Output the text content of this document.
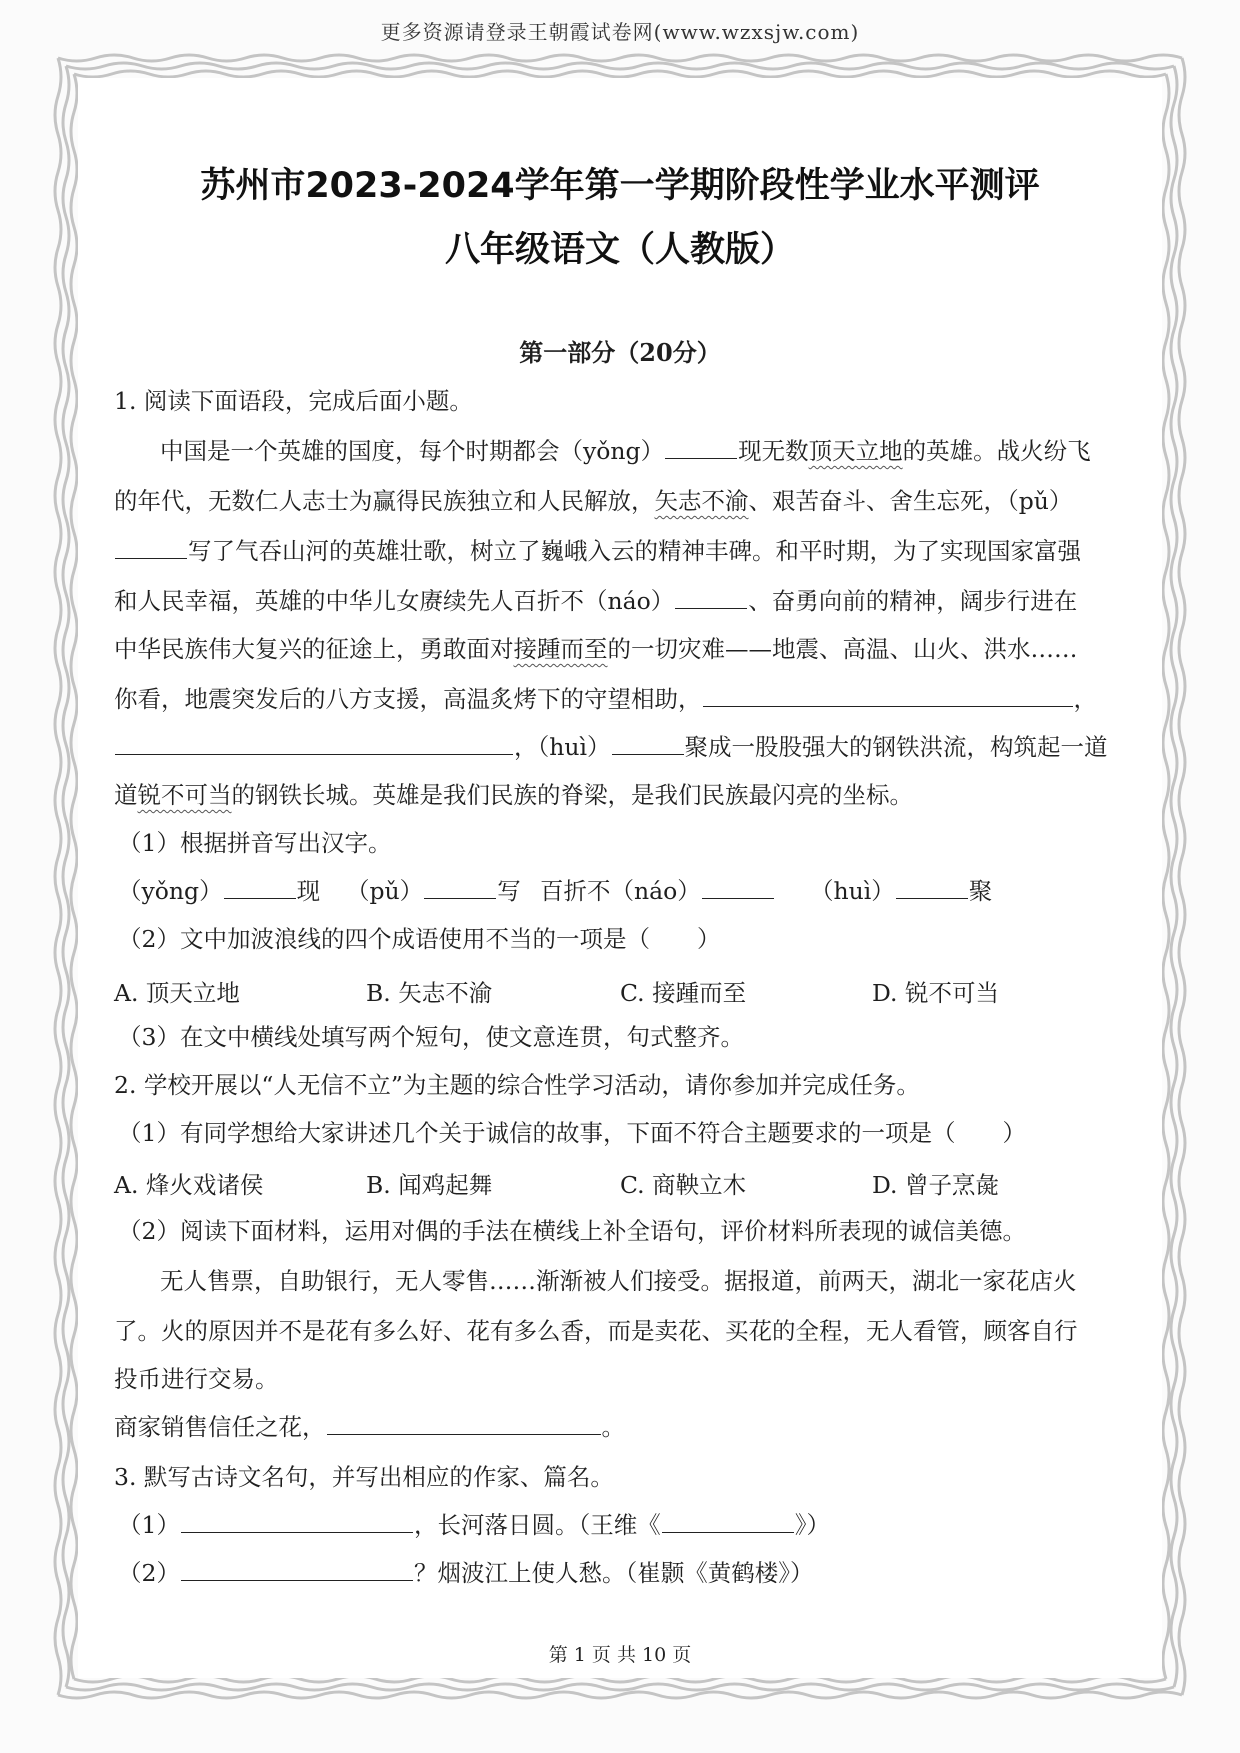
更多资源请登录王朝霞试卷网(www.wzxsjw.com)
苏州市2023-2024学年第一学期阶段性学业水平测评
八年级语文（人教版）
第一部分（20分）
1. 阅读下面语段，完成后面小题。
中国是一个英雄的国度，每个时期都会（yǒng）	现无数顶天立地的英雄。战火纷飞
的年代，无数仁人志士为赢得民族独立和人民解放，矢志不渝、艰苦奋斗、舍生忘死，（pǔ）
写了气吞山河的英雄壮歌，树立了巍峨入云的精神丰碑。和平时期，为了实现国家富强
和人民幸福，英雄的中华儿女赓续先人百折不（náo）	、奋勇向前的精神，阔步行进在
中华民族伟大复兴的征途上，勇敢面对接踵而至的一切灾难——地震、高温、山火、洪水……
你看，地震突发后的八方支援，高温炙烤下的守望相助，	，
，（huì）	聚成一股股强大的钢铁洪流，构筑起一道
道锐不可当的钢铁长城。英雄是我们民族的脊梁，是我们民族最闪亮的坐标。
（1）根据拼音写出汉字。
（yǒng）	现 （pǔ）	写 百折不（náo）	（huì）	聚
（2）文中加波浪线的四个成语使用不当的一项是（　　）
A. 顶天立地	B. 矢志不渝	C. 接踵而至	D. 锐不可当
（3）在文中横线处填写两个短句，使文意连贯，句式整齐。
2. 学校开展以“人无信不立”为主题的综合性学习活动，请你参加并完成任务。
（1）有同学想给大家讲述几个关于诚信的故事，下面不符合主题要求的一项是（　　）
A. 烽火戏诸侯	B. 闻鸡起舞	C. 商鞅立木	D. 曾子烹彘
（2）阅读下面材料，运用对偶的手法在横线上补全语句，评价材料所表现的诚信美德。
无人售票，自助银行，无人零售……渐渐被人们接受。据报道，前两天，湖北一家花店火
了。火的原因并不是花有多么好、花有多么香，而是卖花、买花的全程，无人看管，顾客自行
投币进行交易。
商家销售信任之花，	。
3. 默写古诗文名句，并写出相应的作家、篇名。
（1）	，长河落日圆。（王维《	》）
（2）	？烟波江上使人愁。（崔颢《黄鹤楼》）
第 1 页 共 10 页
